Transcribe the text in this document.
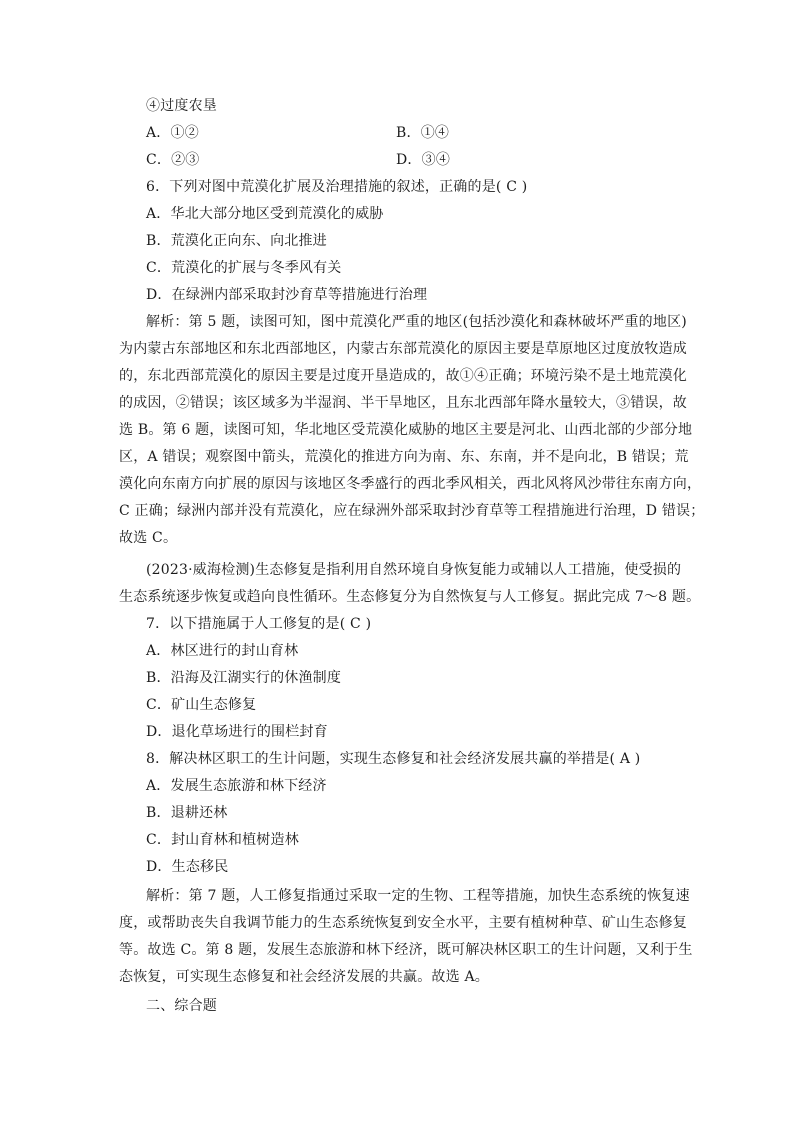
④过度农垦
A．①②	B．①④
C．②③	D．③④
6．下列对图中荒漠化扩展及治理措施的叙述，正确的是( C )
A．华北大部分地区受到荒漠化的威胁
B．荒漠化正向东、向北推进
C．荒漠化的扩展与冬季风有关
D．在绿洲内部采取封沙育草等措施进行治理
解析：第 5 题，读图可知，图中荒漠化严重的地区(包括沙漠化和森林破坏严重的地区)
为内蒙古东部地区和东北西部地区，内蒙古东部荒漠化的原因主要是草原地区过度放牧造成
的，东北西部荒漠化的原因主要是过度开垦造成的，故①④正确；环境污染不是土地荒漠化
的成因，②错误；该区域多为半湿润、半干旱地区，且东北西部年降水量较大，③错误，故
选 B。第 6 题，读图可知，华北地区受荒漠化威胁的地区主要是河北、山西北部的少部分地
区，A 错误；观察图中箭头，荒漠化的推进方向为南、东、东南，并不是向北，B 错误；荒
漠化向东南方向扩展的原因与该地区冬季盛行的西北季风相关，西北风将风沙带往东南方向，
C 正确；绿洲内部并没有荒漠化，应在绿洲外部采取封沙育草等工程措施进行治理，D 错误；
故选 C。
(2023·威海检测)生态修复是指利用自然环境自身恢复能力或辅以人工措施，使受损的
生态系统逐步恢复或趋向良性循环。生态修复分为自然恢复与人工修复。据此完成 7～8 题。
7．以下措施属于人工修复的是( C )
A．林区进行的封山育林
B．沿海及江湖实行的休渔制度
C．矿山生态修复
D．退化草场进行的围栏封育
8．解决林区职工的生计问题，实现生态修复和社会经济发展共赢的举措是( A )
A．发展生态旅游和林下经济
B．退耕还林
C．封山育林和植树造林
D．生态移民
解析：第 7 题，人工修复指通过采取一定的生物、工程等措施，加快生态系统的恢复速
度，或帮助丧失自我调节能力的生态系统恢复到安全水平，主要有植树种草、矿山生态修复
等。故选 C。第 8 题，发展生态旅游和林下经济，既可解决林区职工的生计问题，又利于生
态恢复，可实现生态修复和社会经济发展的共赢。故选 A。
二、综合题
